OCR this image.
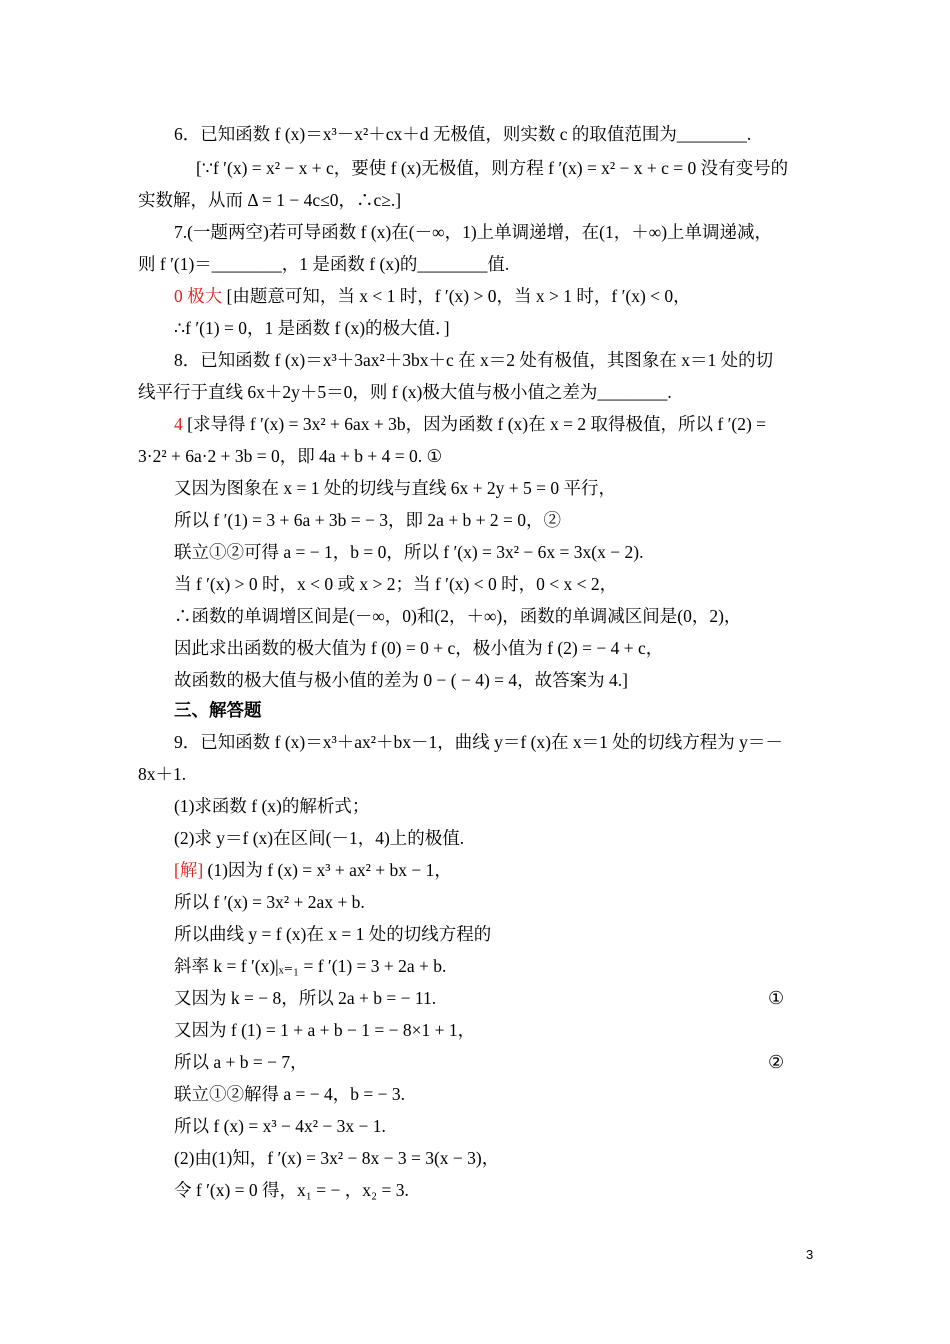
6．已知函数 f (x)＝x³－x²＋cx＋d 无极值，则实数 c 的取值范围为________.
[∵f ′(x) = x² − x + c，要使 f (x)无极值，则方程 f ′(x) = x² − x + c = 0 没有变号的
实数解，从而 Δ = 1 − 4c≤0，∴c≥.]
7.(一题两空)若可导函数 f (x)在(－∞，1)上单调递增，在(1，＋∞)上单调递减，
则 f ′(1)＝________，1 是函数 f (x)的________值.
0 极大 [由题意可知，当 x < 1 时，f ′(x) > 0，当 x > 1 时，f ′(x) < 0，
∴f ′(1) = 0，1 是函数 f (x)的极大值．]
8．已知函数 f (x)＝x³＋3ax²＋3bx＋c 在 x＝2 处有极值，其图象在 x＝1 处的切
线平行于直线 6x＋2y＋5＝0，则 f (x)极大值与极小值之差为________.
4 [求导得 f ′(x) = 3x² + 6ax + 3b，因为函数 f (x)在 x = 2 取得极值，所以 f ′(2) =
3·2² + 6a·2 + 3b = 0，即 4a + b + 4 = 0. ①
又因为图象在 x = 1 处的切线与直线 6x + 2y + 5 = 0 平行，
所以 f ′(1) = 3 + 6a + 3b = − 3，即 2a + b + 2 = 0，②
联立①②可得 a = − 1，b = 0，所以 f ′(x) = 3x² − 6x = 3x(x − 2).
当 f ′(x) > 0 时，x < 0 或 x > 2；当 f ′(x) < 0 时，0 < x < 2，
∴函数的单调增区间是(－∞，0)和(2，＋∞)，函数的单调减区间是(0，2)，
因此求出函数的极大值为 f (0) = 0 + c，极小值为 f (2) = − 4 + c，
故函数的极大值与极小值的差为 0 − ( − 4) = 4，故答案为 4.]
三、解答题
9．已知函数 f (x)＝x³＋ax²＋bx－1，曲线 y＝f (x)在 x＝1 处的切线方程为 y＝－
8x＋1.
(1)求函数 f (x)的解析式；
(2)求 y＝f (x)在区间(－1，4)上的极值.
[解] (1)因为 f (x) = x³ + ax² + bx − 1，
所以 f ′(x) = 3x² + 2ax + b.
所以曲线 y = f (x)在 x = 1 处的切线方程的
斜率 k = f ′(x)|ₓ₌₁ = f ′(1) = 3 + 2a + b.
又因为 k = − 8，所以 2a + b = − 11.
又因为 f (1) = 1 + a + b − 1 = − 8×1 + 1，
所以 a + b = − 7，
联立①②解得 a = − 4，b = − 3.
所以 f (x) = x³ − 4x² − 3x − 1.
(2)由(1)知，f ′(x) = 3x² − 8x − 3 = 3(x − 3)，
令 f ′(x) = 0 得，x₁ = − ，x₂ = 3.
①
②
3
